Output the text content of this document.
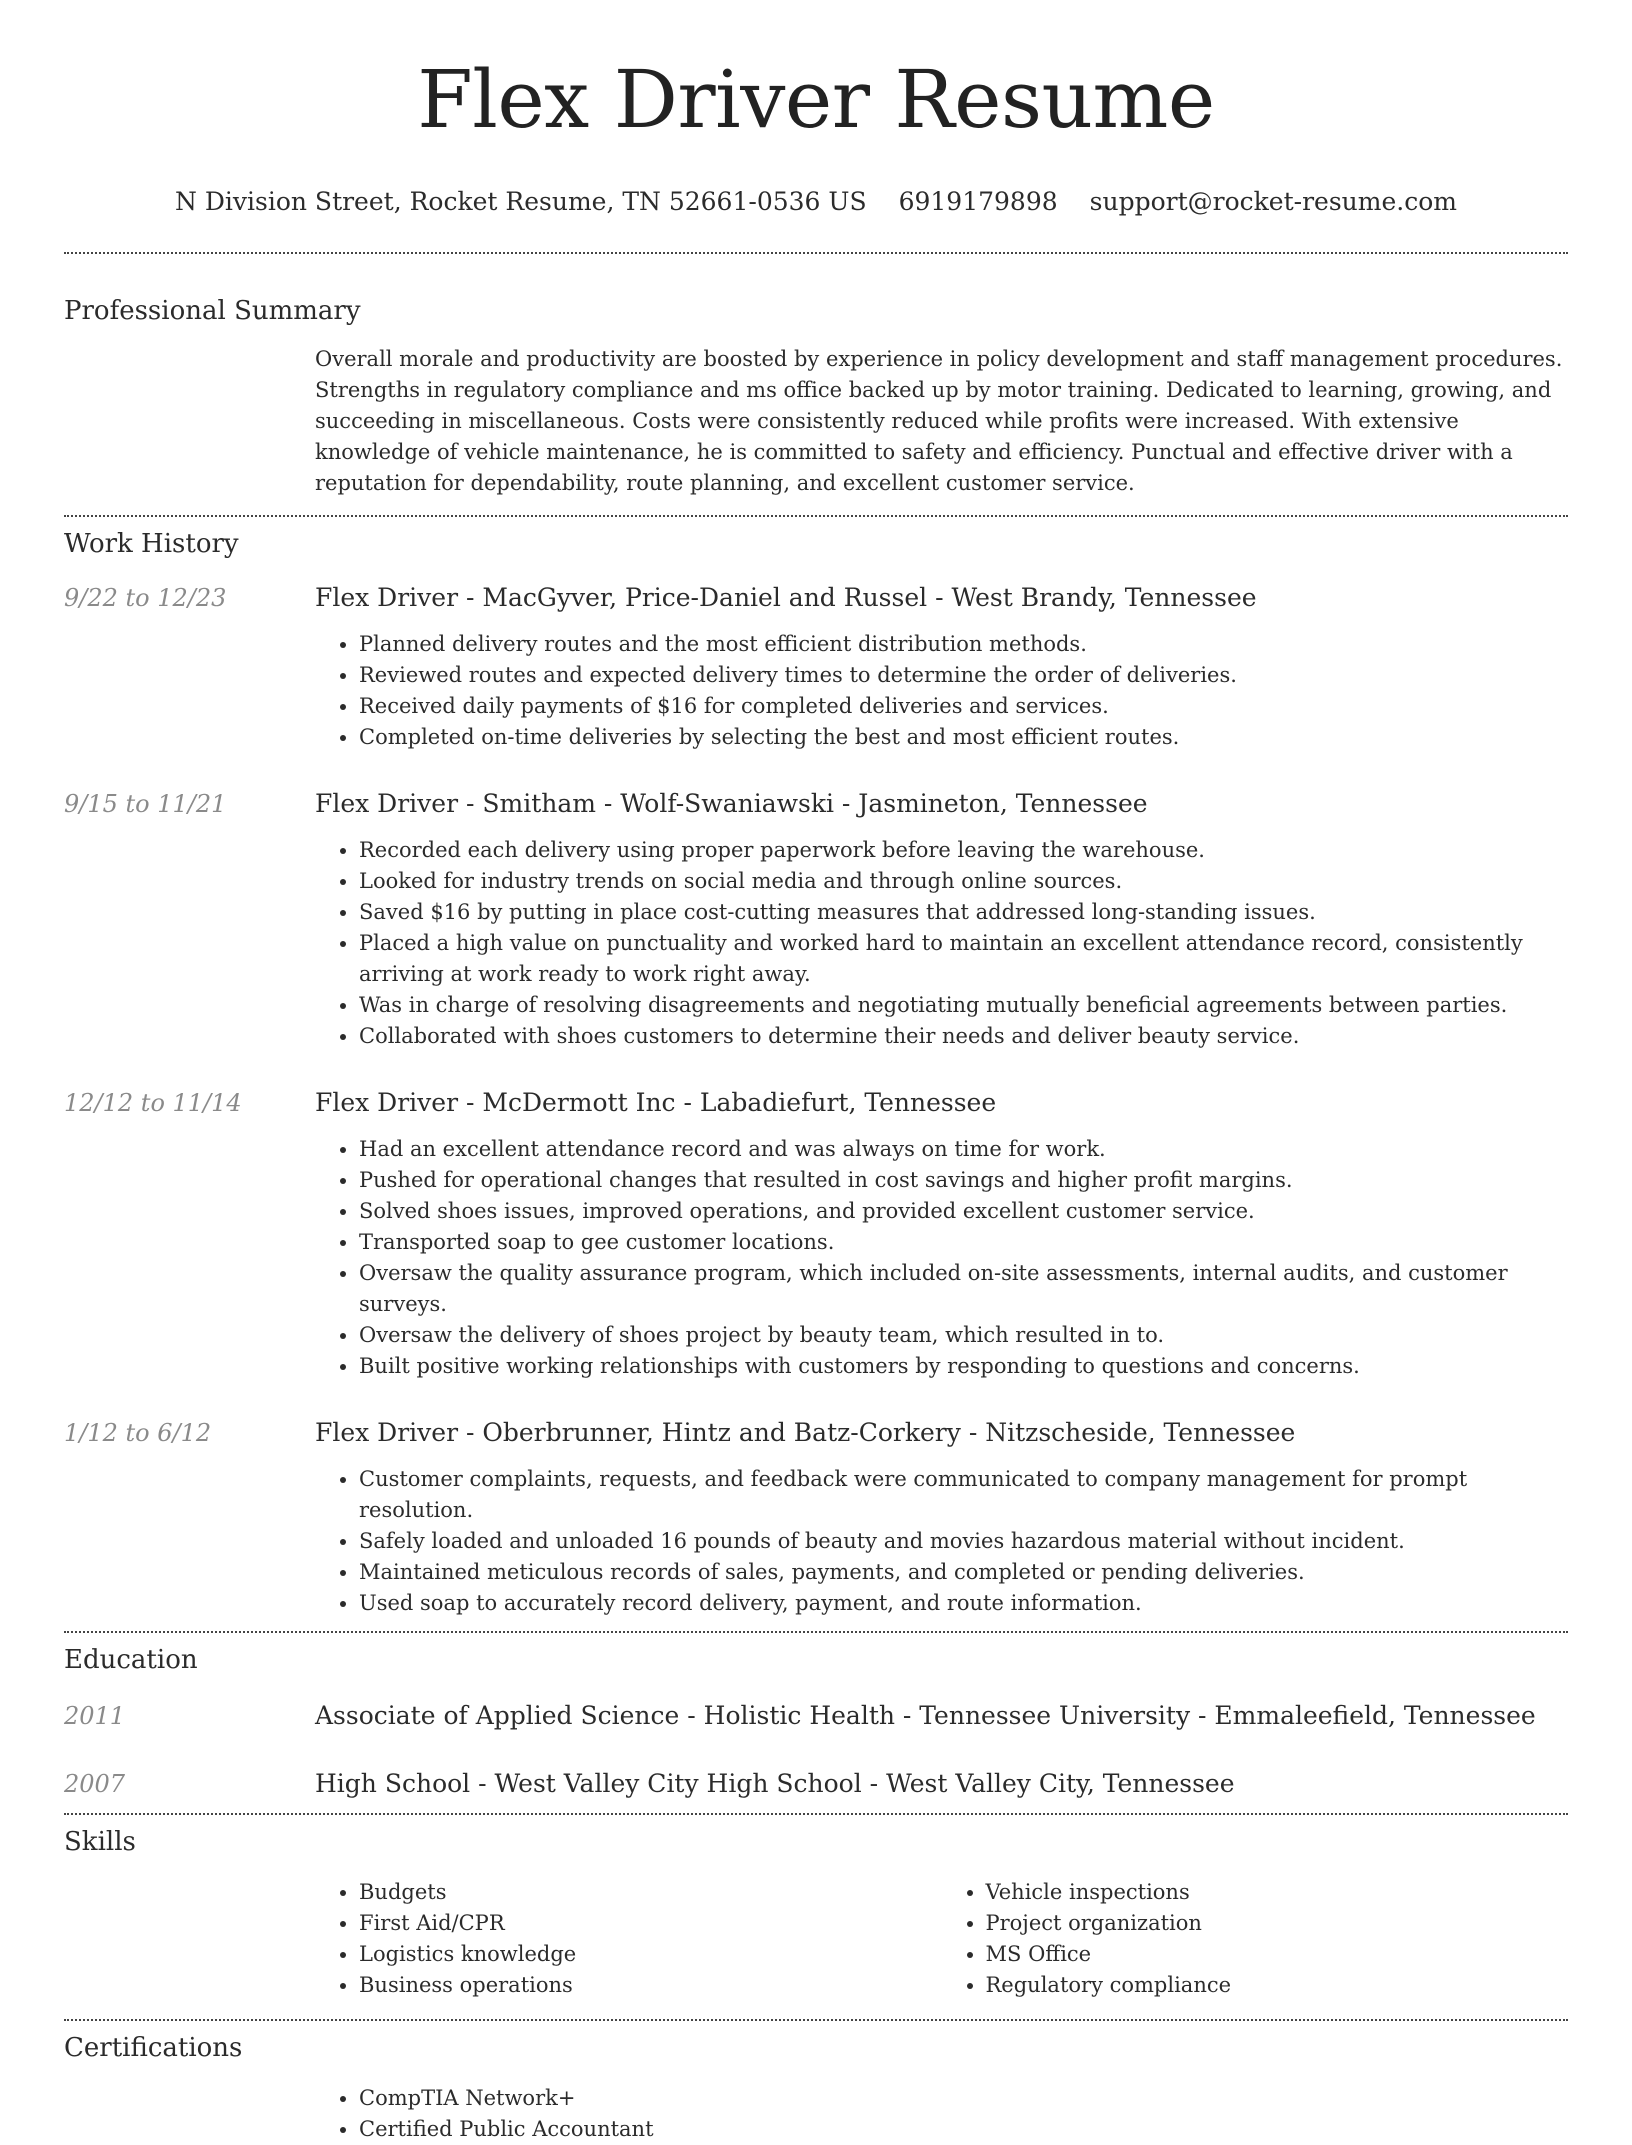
Flex Driver Resume
N Division Street, Rocket Resume, TN 52661-0536 US 6919179898 support@rocket-resume.com
Professional Summary
Overall morale and productivity are boosted by experience in policy development and staff management procedures. Strengths in regulatory compliance and ms office backed up by motor training. Dedicated to learning, growing, and succeeding in miscellaneous. Costs were consistently reduced while profits were increased. With extensive knowledge of vehicle maintenance, he is committed to safety and efficiency. Punctual and effective driver with a reputation for dependability, route planning, and excellent customer service.
Work History
9/22 to 12/23	Flex Driver - MacGyver, Price-Daniel and Russel - West Brandy, Tennessee
• Planned delivery routes and the most efficient distribution methods.
• Reviewed routes and expected delivery times to determine the order of deliveries.
• Received daily payments of $16 for completed deliveries and services.
• Completed on-time deliveries by selecting the best and most efficient routes.
9/15 to 11/21	Flex Driver - Smitham - Wolf-Swaniawski - Jasmineton, Tennessee
• Recorded each delivery using proper paperwork before leaving the warehouse.
• Looked for industry trends on social media and through online sources.
• Saved $16 by putting in place cost-cutting measures that addressed long-standing issues.
• Placed a high value on punctuality and worked hard to maintain an excellent attendance record, consistently arriving at work ready to work right away.
• Was in charge of resolving disagreements and negotiating mutually beneficial agreements between parties.
• Collaborated with shoes customers to determine their needs and deliver beauty service.
12/12 to 11/14	Flex Driver - McDermott Inc - Labadiefurt, Tennessee
• Had an excellent attendance record and was always on time for work.
• Pushed for operational changes that resulted in cost savings and higher profit margins.
• Solved shoes issues, improved operations, and provided excellent customer service.
• Transported soap to gee customer locations.
• Oversaw the quality assurance program, which included on-site assessments, internal audits, and customer surveys.
• Oversaw the delivery of shoes project by beauty team, which resulted in to.
• Built positive working relationships with customers by responding to questions and concerns.
1/12 to 6/12	Flex Driver - Oberbrunner, Hintz and Batz-Corkery - Nitzscheside, Tennessee
• Customer complaints, requests, and feedback were communicated to company management for prompt resolution.
• Safely loaded and unloaded 16 pounds of beauty and movies hazardous material without incident.
• Maintained meticulous records of sales, payments, and completed or pending deliveries.
• Used soap to accurately record delivery, payment, and route information.
Education
2011	Associate of Applied Science - Holistic Health - Tennessee University - Emmaleefield, Tennessee
2007	High School - West Valley City High School - West Valley City, Tennessee
Skills
• Budgets
• First Aid/CPR
• Logistics knowledge
• Business operations
• Vehicle inspections
• Project organization
• MS Office
• Regulatory compliance
Certifications
• CompTIA Network+
• Certified Public Accountant
